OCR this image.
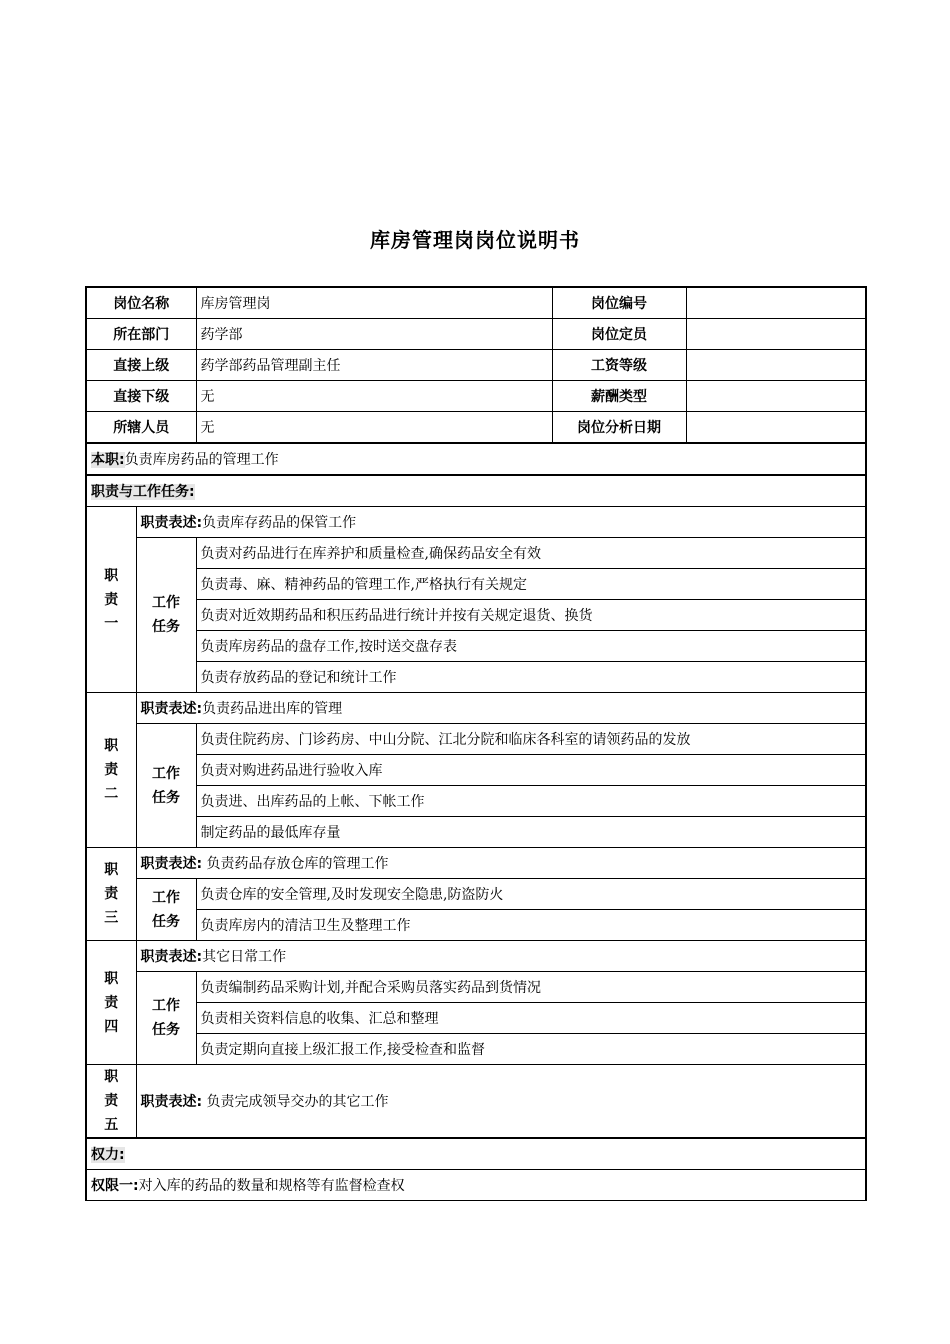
库房管理岗岗位说明书
岗位名称		库房管理岗	岗位编号	
所在部门		药学部	岗位定员	
直接上级		药学部药品管理副主任	工资等级	
直接下级		无	薪酬类型	
所辖人员		无	岗位分析日期	
本职:负责库房药品的管理工作				
职责与工作任务:				

职
责
一	职责表述:负责库存药品的保管工作			

	工作
任务	负责对药品进行在库养护和质量检查,确保药品安全有效		
		负责毒、麻、精神药品的管理工作,严格执行有关规定		
		负责对近效期药品和积压药品进行统计并按有关规定退货、换货		
		负责库房药品的盘存工作,按时送交盘存表		
		负责存放药品的登记和统计工作		

职
责
二	职责表述:负责药品进出库的管理			

	工作
任务	负责住院药房、门诊药房、中山分院、江北分院和临床各科室的请领药品的发放		
		负责对购进药品进行验收入库		
		负责进、出库药品的上帐、下帐工作		
		制定药品的最低库存量		

职
责
三	职责表述: 负责药品存放仓库的管理工作			

	工作
任务	负责仓库的安全管理,及时发现安全隐患,防盗防火		
		负责库房内的清洁卫生及整理工作		

职
责
四	职责表述:其它日常工作			

	工作
任务	负责编制药品采购计划,并配合采购员落实药品到货情况		
		负责相关资料信息的收集、汇总和整理		
		负责定期向直接上级汇报工作,接受检查和监督		

职
责
五	职责表述: 负责完成领导交办的其它工作			
权力:				
权限一:对入库的药品的数量和规格等有监督检查权				
